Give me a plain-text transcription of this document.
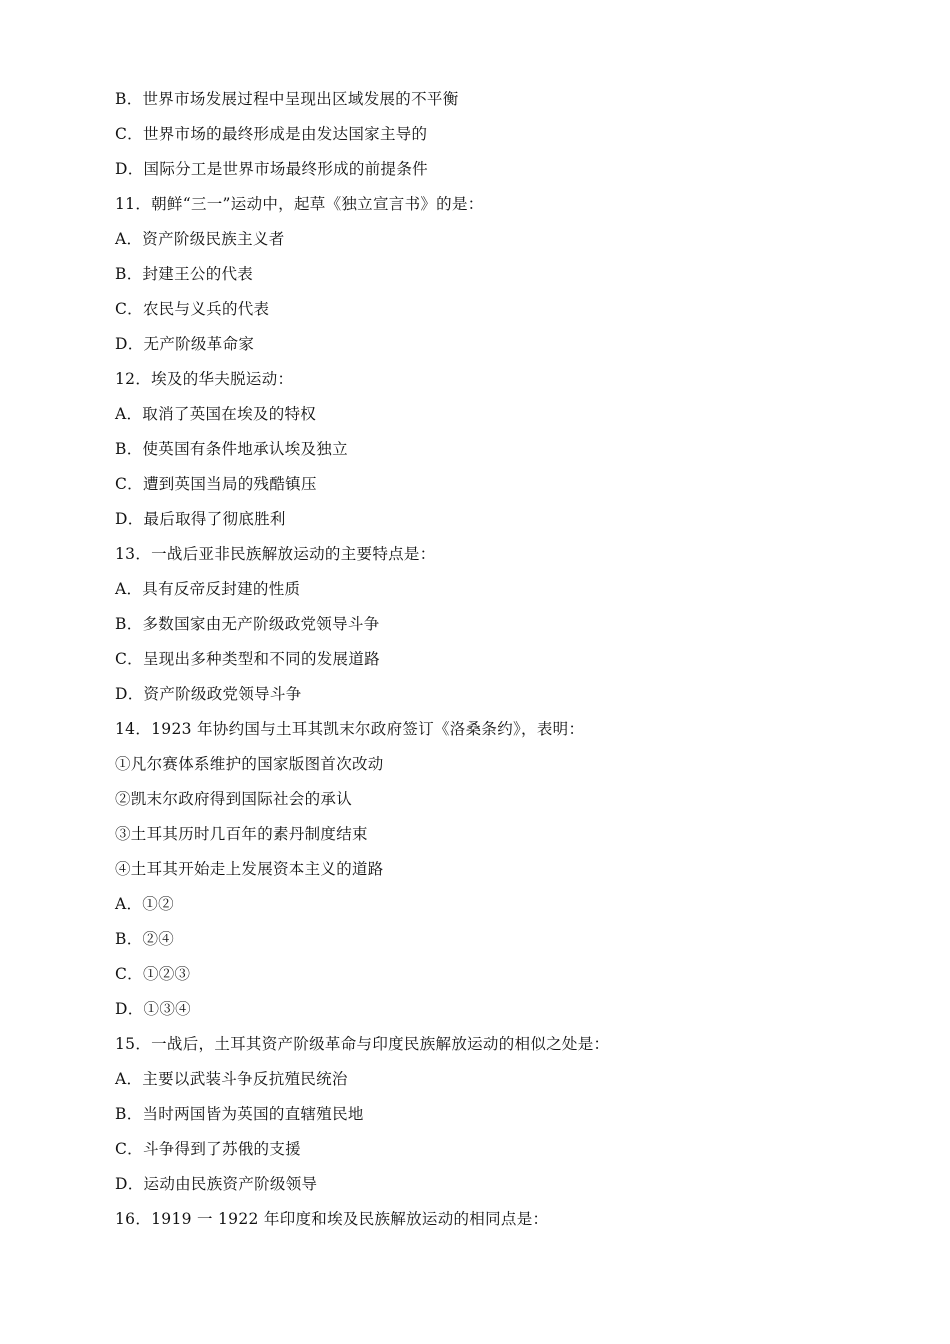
B．世界市场发展过程中呈现出区域发展的不平衡
C．世界市场的最终形成是由发达国家主导的
D．国际分工是世界市场最终形成的前提条件
11．朝鲜“三一”运动中，起草《独立宣言书》的是：
A．资产阶级民族主义者
B．封建王公的代表
C．农民与义兵的代表
D．无产阶级革命家
12．埃及的华夫脱运动：
A．取消了英国在埃及的特权
B．使英国有条件地承认埃及独立
C．遭到英国当局的残酷镇压
D．最后取得了彻底胜利
13．一战后亚非民族解放运动的主要特点是：
A．具有反帝反封建的性质
B．多数国家由无产阶级政党领导斗争
C．呈现出多种类型和不同的发展道路
D．资产阶级政党领导斗争
14．1923 年协约国与土耳其凯末尔政府签订《洛桑条约》，表明：
①凡尔赛体系维护的国家版图首次改动
②凯末尔政府得到国际社会的承认
③土耳其历时几百年的素丹制度结束
④土耳其开始走上发展资本主义的道路
A．①②
B．②④
C．①②③
D．①③④
15．一战后，土耳其资产阶级革命与印度民族解放运动的相似之处是：
A．主要以武装斗争反抗殖民统治
B．当时两国皆为英国的直辖殖民地
C．斗争得到了苏俄的支援
D．运动由民族资产阶级领导
16．1919 一 1922 年印度和埃及民族解放运动的相同点是：
